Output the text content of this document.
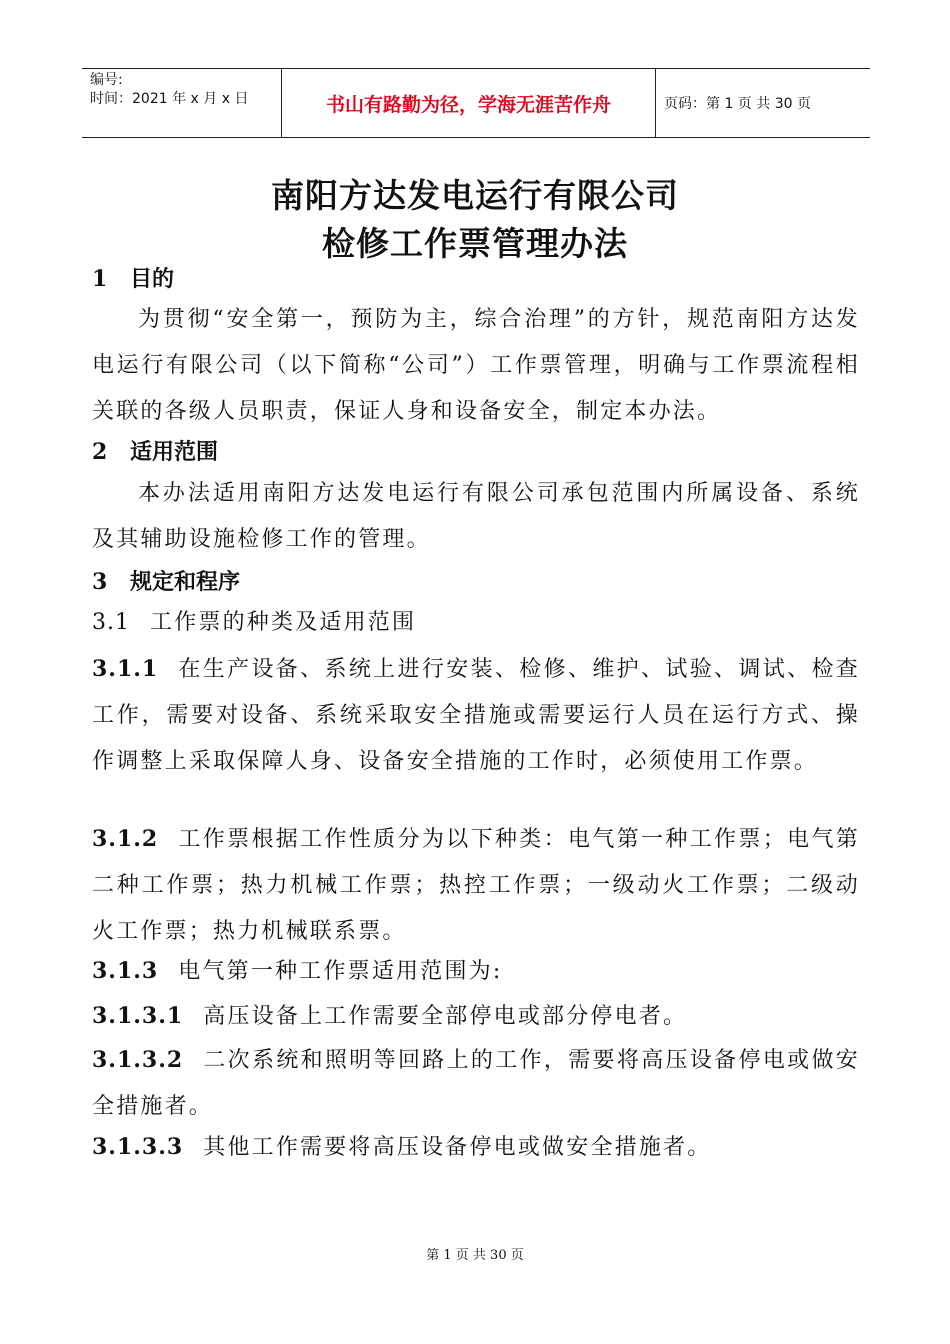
编号:
时间：2021 年 x 月 x 日	书山有路勤为径，学海无涯苦作舟	页码：第 1 页 共 30 页
南阳方达发电运行有限公司
检修工作票管理办法
1 目的
为贯彻“安全第一，预防为主，综合治理”的方针，规范南阳方达发电运行有限公司（以下简称“公司”）工作票管理，明确与工作票流程相关联的各级人员职责，保证人身和设备安全，制定本办法。
2 适用范围
本办法适用南阳方达发电运行有限公司承包范围内所属设备、系统及其辅助设施检修工作的管理。
3 规定和程序
3.1 工作票的种类及适用范围
3.1.1 在生产设备、系统上进行安装、检修、维护、试验、调试、检查工作，需要对设备、系统采取安全措施或需要运行人员在运行方式、操作调整上采取保障人身、设备安全措施的工作时，必须使用工作票。
3.1.2 工作票根据工作性质分为以下种类：电气第一种工作票；电气第二种工作票；热力机械工作票；热控工作票；一级动火工作票；二级动火工作票；热力机械联系票。
3.1.3 电气第一种工作票适用范围为:
3.1.3.1 高压设备上工作需要全部停电或部分停电者。
3.1.3.2 二次系统和照明等回路上的工作，需要将高压设备停电或做安全措施者。
3.1.3.3 其他工作需要将高压设备停电或做安全措施者。
第 1 页 共 30 页
